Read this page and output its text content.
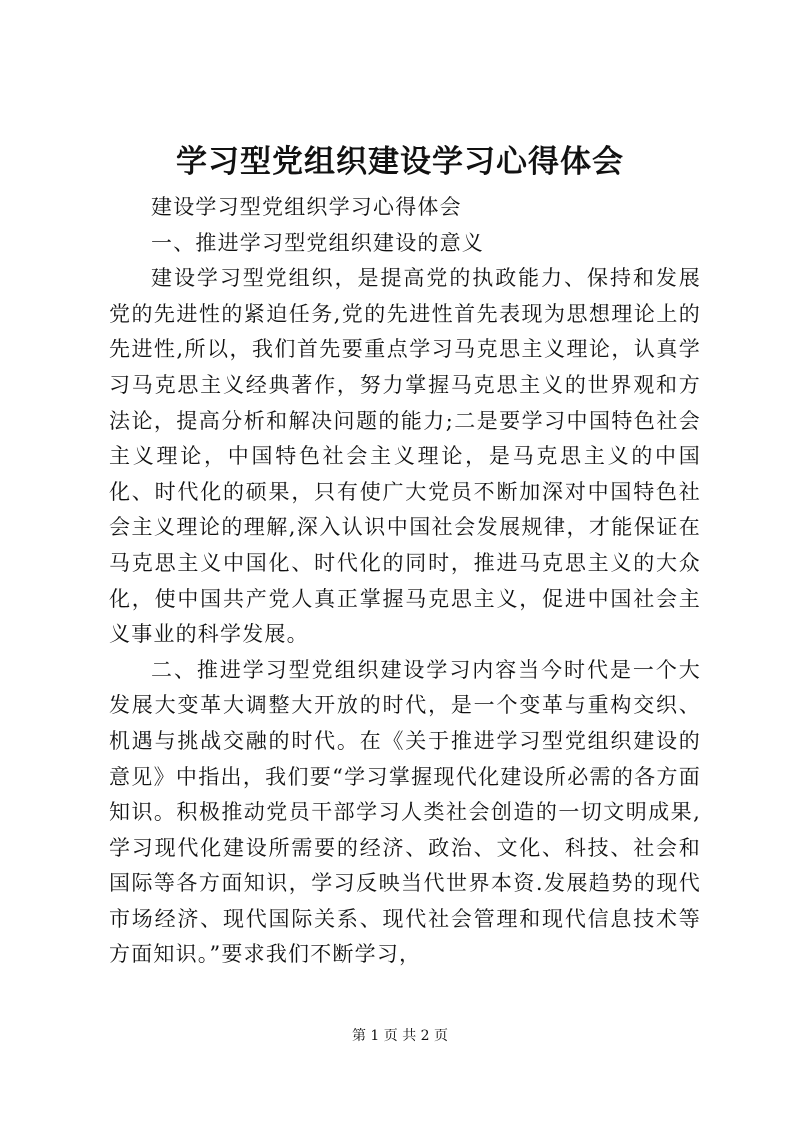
学习型党组织建设学习心得体会

建设学习型党组织学习心得体会

一、推进学习型党组织建设的意义

建设学习型党组织，是提高党的执政能力、保持和发展党的先进性的紧迫任务,党的先进性首先表现为思想理论上的先进性,所以，我们首先要重点学习马克思主义理论，认真学习马克思主义经典著作，努力掌握马克思主义的世界观和方法论，提高分析和解决问题的能力;二是要学习中国特色社会主义理论，中国特色社会主义理论，是马克思主义的中国化、时代化的硕果，只有使广大党员不断加深对中国特色社会主义理论的理解,深入认识中国社会发展规律，才能保证在马克思主义中国化、时代化的同时，推进马克思主义的大众化，使中国共产党人真正掌握马克思主义，促进中国社会主义事业的科学发展。

二、推进学习型党组织建设学习内容当今时代是一个大发展大变革大调整大开放的时代，是一个变革与重构交织、机遇与挑战交融的时代。在《关于推进学习型党组织建设的意见》中指出，我们要“学习掌握现代化建设所必需的各方面知识。积极推动党员干部学习人类社会创造的一切文明成果,学习现代化建设所需要的经济、政治、文化、科技、社会和国际等各方面知识，学习反映当代世界本资.发展趋势的现代市场经济、现代国际关系、现代社会管理和现代信息技术等方面知识。”要求我们不断学习，

第 1 页 共 2 页
